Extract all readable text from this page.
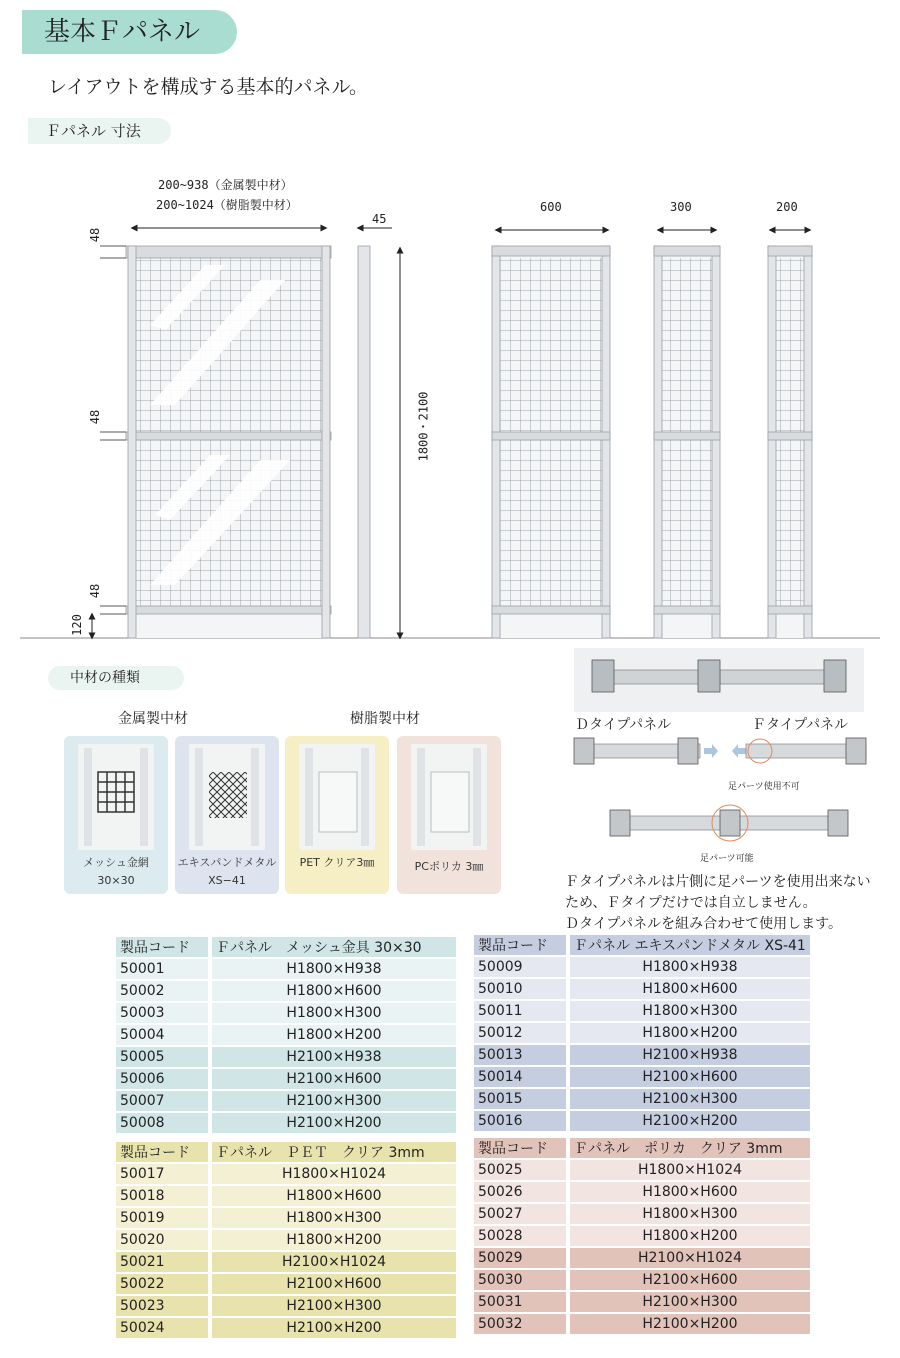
基本Ｆパネル
レイアウトを構成する基本的パネル。
Ｆパネル 寸法
200~938（金属製中材）
200~1024（樹脂製中材）
45
1800・2100
600	300	200
48
48
48
120
中材の種類
金属製中材	樹脂製中材
メッシュ金網
30×30
エキスパンドメタル
XS−41
PET クリア3㎜	PCポリカ 3㎜
Ｄタイプパネル	Ｆタイプパネル
足パーツ使用不可
足パーツ可能
Ｆタイプパネルは片側に足パーツを使用出来ない
ため、Ｆタイプだけでは自立しません。
Ｄタイプパネルを組み合わせて使用します。
製品コード		Ｆパネル　メッシュ金具 30×30
50001		H1800×H938
50002		H1800×H600
50003		H1800×H300
50004		H1800×H200
50005		H2100×H938
50006		H2100×H600
50007		H2100×H300
50008		H2100×H200
製品コード		Ｆパネル エキスパンドメタル XS-41
50009		H1800×H938
50010		H1800×H600
50011		H1800×H300
50012		H1800×H200
50013		H2100×H938
50014		H2100×H600
50015		H2100×H300
50016		H2100×H200
製品コード		Ｆパネル　ＰＥＴ　クリア 3mm
50017		H1800×H1024
50018		H1800×H600
50019		H1800×H300
50020		H1800×H200
50021		H2100×H1024
50022		H2100×H600
50023		H2100×H300
50024		H2100×H200
製品コード		Ｆパネル　ポリカ　クリア 3mm
50025		H1800×H1024
50026		H1800×H600
50027		H1800×H300
50028		H1800×H200
50029		H2100×H1024
50030		H2100×H600
50031		H2100×H300
50032		H2100×H200
